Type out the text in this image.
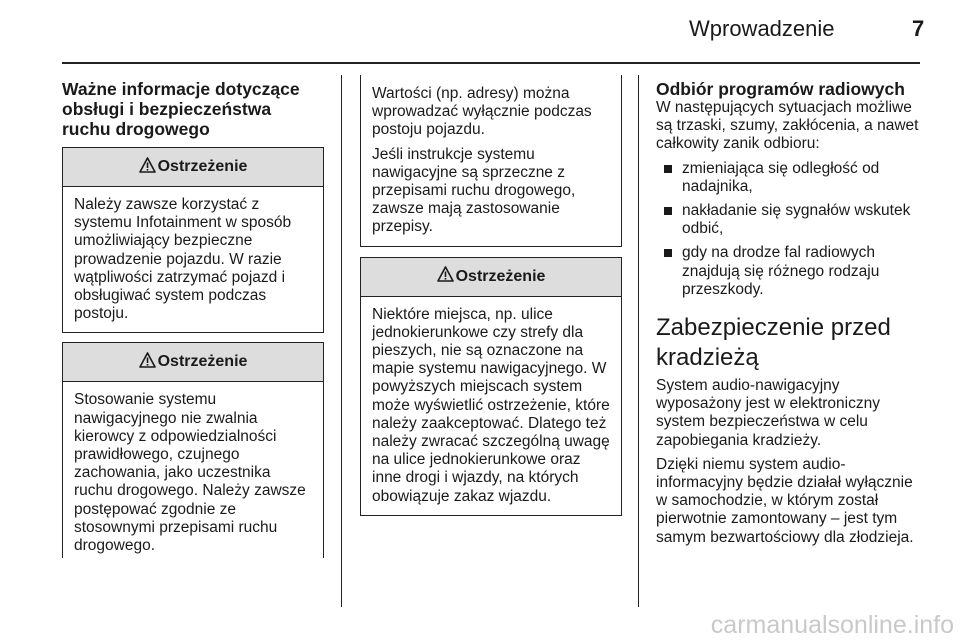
Wprowadzenie	7
Ważne informacje dotyczące obsługi i bezpieczeństwa ruchu drogowego
Ostrzeżenie

Należy zawsze korzystać z systemu Infotainment w sposób umożliwiający bezpieczne prowadzenie pojazdu. W razie wątpliwości zatrzymać pojazd i obsługiwać system podczas postoju.

Ostrzeżenie

Stosowanie systemu nawigacyjnego nie zwalnia kierowcy z odpowiedzialności prawidłowego, czujnego zachowania, jako uczestnika ruchu drogowego. Należy zawsze postępować zgodnie ze stosownymi przepisami ruchu drogowego.

Wartości (np. adresy) można wprowadzać wyłącznie podczas postoju pojazdu.

Jeśli instrukcje systemu nawigacyjne są sprzeczne z przepisami ruchu drogowego, zawsze mają zastosowanie przepisy.

Ostrzeżenie

Niektóre miejsca, np. ulice jednokierunkowe czy strefy dla pieszych, nie są oznaczone na mapie systemu nawigacyjnego. W powyższych miejscach system może wyświetlić ostrzeżenie, które należy zaakceptować. Dlatego też należy zwracać szczególną uwagę na ulice jednokierunkowe oraz inne drogi i wjazdy, na których obowiązuje zakaz wjazdu.

Odbiór programów radiowych

W następujących sytuacjach możliwe są trzaski, szumy, zakłócenia, a nawet całkowity zanik odbioru:

zmieniająca się odległość od nadajnika,
nakładanie się sygnałów wskutek odbić,
gdy na drodze fal radiowych znajdują się różnego rodzaju przeszkody.
Zabezpieczenie przed kradzieżą

System audio-nawigacyjny wyposażony jest w elektroniczny system bezpieczeństwa w celu zapobiegania kradzieży.

Dzięki niemu system audio-informacyjny będzie działał wyłącznie w samochodzie, w którym został pierwotnie zamontowany – jest tym samym bezwartościowy dla złodzieja.

carmanualsonline.info
